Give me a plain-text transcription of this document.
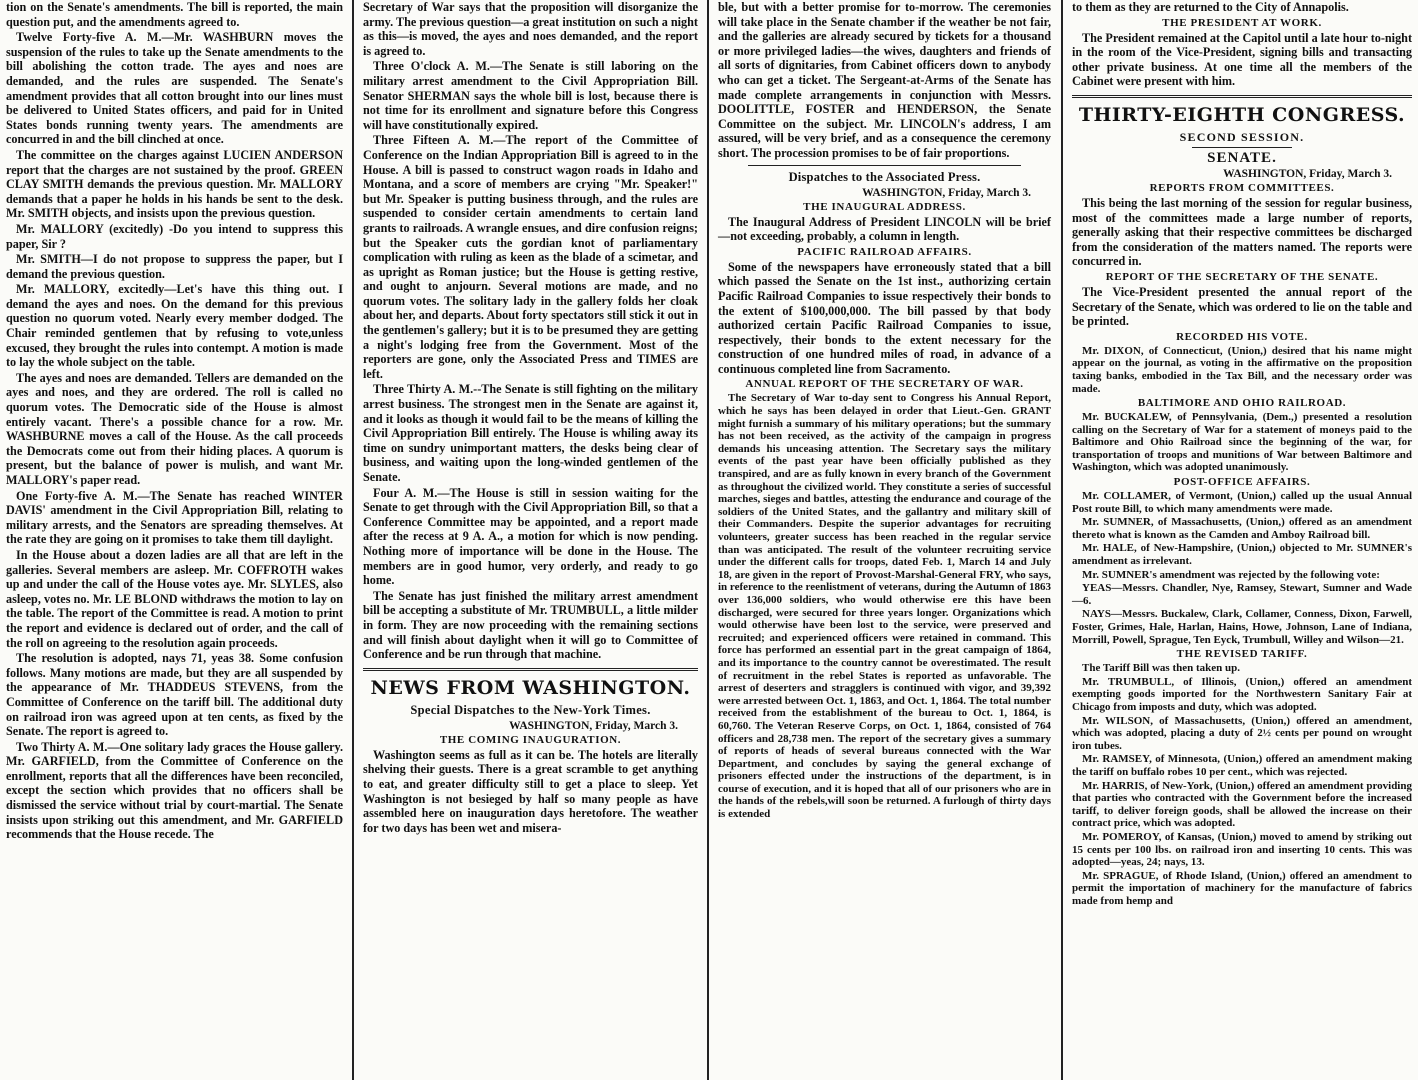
tion on the Senate's amendments. The bill is reported, the main question put, and the amendments agreed to.

Twelve Forty-five A. M.—Mr. WASHBURN moves the suspension of the rules to take up the Senate amendments to the bill abolishing the cotton trade. The ayes and noes are demanded, and the rules are suspended. The Senate's amendment provides that all cotton brought into our lines must be delivered to United States officers, and paid for in United States bonds running twenty years. The amendments are concurred in and the bill clinched at once.

The committee on the charges against LUCIEN ANDERSON report that the charges are not sustained by the proof. GREEN CLAY SMITH demands the previous question. Mr. MALLORY demands that a paper he holds in his hands be sent to the desk. Mr. SMITH objects, and insists upon the previous question.

Mr. MALLORY (excitedly) -Do you intend to suppress this paper, Sir ?

Mr. SMITH—I do not propose to suppress the paper, but I demand the previous question.

Mr. MALLORY, excitedly—Let's have this thing out. I demand the ayes and noes. On the demand for this previous question no quorum voted. Nearly every member dodged. The Chair reminded gentlemen that by refusing to vote,unless excused, they brought the rules into contempt. A motion is made to lay the whole subject on the table.

The ayes and noes are demanded. Tellers are demanded on the ayes and noes, and they are ordered. The roll is called no quorum votes. The Democratic side of the House is almost entirely vacant. There's a possible chance for a row. Mr. WASHBURNE moves a call of the House. As the call proceeds the Democrats come out from their hiding places. A quorum is present, but the balance of power is mulish, and want Mr. MALLORY's paper read.

One Forty-five A. M.—The Senate has reached WINTER DAVIS' amendment in the Civil Appropriation Bill, relating to military arrests, and the Senators are spreading themselves. At the rate they are going on it promises to take them till daylight.

In the House about a dozen ladies are all that are left in the galleries. Several members are asleep. Mr. COFFROTH wakes up and under the call of the House votes aye. Mr. SLYLES, also asleep, votes no. Mr. LE BLOND withdraws the motion to lay on the table. The report of the Committee is read. A motion to print the report and evidence is declared out of order, and the call of the roll on agreeing to the resolution again proceeds.

The resolution is adopted, nays 71, yeas 38. Some confusion follows. Many motions are made, but they are all suspended by the appearance of Mr. THADDEUS STEVENS, from the Committee of Conference on the tariff bill. The additional duty on railroad iron was agreed upon at ten cents, as fixed by the Senate. The report is agreed to.

Two Thirty A. M.—One solitary lady graces the House gallery. Mr. GARFIELD, from the Committee of Conference on the enrollment, reports that all the differences have been reconciled, except the section which provides that no officers shall be dismissed the service without trial by court-martial. The Senate insists upon striking out this amendment, and Mr. GARFIELD recommends that the House recede. The

Secretary of War says that the proposition will disorganize the army. The previous question—a great institution on such a night as this—is moved, the ayes and noes demanded, and the report is agreed to.

Three O'clock A. M.—The Senate is still laboring on the military arrest amendment to the Civil Appropriation Bill. Senator SHERMAN says the whole bill is lost, because there is not time for its enrollment and signature before this Congress will have constitutionally expired.

Three Fifteen A. M.—The report of the Committee of Conference on the Indian Appropriation Bill is agreed to in the House. A bill is passed to construct wagon roads in Idaho and Montana, and a score of members are crying "Mr. Speaker!" but Mr. Speaker is putting business through, and the rules are suspended to consider certain amendments to certain land grants to railroads. A wrangle ensues, and dire confusion reigns; but the Speaker cuts the gordian knot of parliamentary complication with ruling as keen as the blade of a scimetar, and as upright as Roman justice; but the House is getting restive, and ought to anjourn. Several motions are made, and no quorum votes. The solitary lady in the gallery folds her cloak about her, and departs. About forty spectators still stick it out in the gentlemen's gallery; but it is to be presumed they are getting a night's lodging free from the Government. Most of the reporters are gone, only the Associated Press and TIMES are left.

Three Thirty A. M.--The Senate is still fighting on the military arrest business. The strongest men in the Senate are against it, and it looks as though it would fail to be the means of killing the Civil Appropriation Bill entirely. The House is whiling away its time on sundry unimportant matters, the desks being clear of business, and waiting upon the long-winded gentlemen of the Senate.

Four A. M.—The House is still in session waiting for the Senate to get through with the Civil Appropriation Bill, so that a Conference Committee may be appointed, and a report made after the recess at 9 A. A., a motion for which is now pending. Nothing more of importance will be done in the House. The members are in good humor, very orderly, and ready to go home.

The Senate has just finished the military arrest amendment bill be accepting a substitute of Mr. TRUMBULL, a little milder in form. They are now proceeding with the remaining sections and will finish about daylight when it will go to Committee of Conference and be run through that machine.

NEWS FROM WASHINGTON.
Special Dispatches to the New-York Times.
WASHINGTON, Friday, March 3.
THE COMING INAUGURATION.

Washington seems as full as it can be. The hotels are literally shelving their guests. There is a great scramble to get anything to eat, and greater difficulty still to get a place to sleep. Yet Washington is not besieged by half so many people as have assembled here on inauguration days heretofore. The weather for two days has been wet and misera-

ble, but with a better promise for to-morrow. The ceremonies will take place in the Senate chamber if the weather be not fair, and the galleries are already secured by tickets for a thousand or more privileged ladies—the wives, daughters and friends of all sorts of dignitaries, from Cabinet officers down to anybody who can get a ticket. The Sergeant-at-Arms of the Senate has made complete arrangements in conjunction with Messrs. DOOLITTLE, FOSTER and HENDERSON, the Senate Committee on the subject. Mr. LINCOLN's address, I am assured, will be very brief, and as a consequence the ceremony short. The procession promises to be of fair proportions.

Dispatches to the Associated Press.
WASHINGTON, Friday, March 3.
THE INAUGURAL ADDRESS.

The Inaugural Address of President LINCOLN will be brief—not exceeding, probably, a column in length.

PACIFIC RAILROAD AFFAIRS.

Some of the newspapers have erroneously stated that a bill which passed the Senate on the 1st inst., authorizing certain Pacific Railroad Companies to issue respectively their bonds to the extent of $100,000,000. The bill passed by that body authorized certain Pacific Railroad Companies to issue, respectively, their bonds to the extent necessary for the construction of one hundred miles of road, in advance of a continuous completed line from Sacramento.

ANNUAL REPORT OF THE SECRETARY OF WAR.

The Secretary of War to-day sent to Congress his Annual Report, which he says has been delayed in order that Lieut.-Gen. GRANT might furnish a summary of his military operations; but the summary has not been received, as the activity of the campaign in progress demands his unceasing attention. The Secretary says the military events of the past year have been officially published as they transpired, and are as fully known in every branch of the Government as throughout the civilized world. They constitute a series of successful marches, sieges and battles, attesting the endurance and courage of the soldiers of the United States, and the gallantry and military skill of their Commanders. Despite the superior advantages for recruiting volunteers, greater success has been reached in the regular service than was anticipated. The result of the volunteer recruiting service under the different calls for troops, dated Feb. 1, March 14 and July 18, are given in the report of Provost-Marshal-General FRY, who says, in reference to the reenlistment of veterans, during the Autumn of 1863 over 136,000 soldiers, who would otherwise ere this have been discharged, were secured for three years longer. Organizations which would otherwise have been lost to the service, were preserved and recruited; and experienced officers were retained in command. This force has performed an essential part in the great campaign of 1864, and its importance to the country cannot be overestimated. The result of recruitment in the rebel States is reported as unfavorable. The arrest of deserters and stragglers is continued with vigor, and 39,392 were arrested between Oct. 1, 1863, and Oct. 1, 1864. The total number received from the establishment of the bureau to Oct. 1, 1864, is 60,760. The Veteran Reserve Corps, on Oct. 1, 1864, consisted of 764 officers and 28,738 men. The report of the secretary gives a summary of reports of heads of several bureaus connected with the War Department, and concludes by saying the general exchange of prisoners effected under the instructions of the department, is in course of execution, and it is hoped that all of our prisoners who are in the hands of the rebels,will soon be returned. A furlough of thirty days is extended

to them as they are returned to the City of Annapolis.

THE PRESIDENT AT WORK.

The President remained at the Capitol until a late hour to-night in the room of the Vice-President, signing bills and transacting other private business. At one time all the members of the Cabinet were present with him.

THIRTY-EIGHTH CONGRESS.
SECOND SESSION.
SENATE.
WASHINGTON, Friday, March 3.
REPORTS FROM COMMITTEES.

This being the last morning of the session for regular business, most of the committees made a large number of reports, generally asking that their respective committees be discharged from the consideration of the matters named. The reports were concurred in.

REPORT OF THE SECRETARY OF THE SENATE.

The Vice-President presented the annual report of the Secretary of the Senate, which was ordered to lie on the table and be printed.

RECORDED HIS VOTE.

Mr. DIXON, of Connecticut, (Union,) desired that his name might appear on the journal, as voting in the affirmative on the proposition taxing banks, embodied in the Tax Bill, and the necessary order was made.

BALTIMORE AND OHIO RAILROAD.

Mr. BUCKALEW, of Pennsylvania, (Dem.,) presented a resolution calling on the Secretary of War for a statement of moneys paid to the Baltimore and Ohio Railroad since the beginning of the war, for transportation of troops and munitions of War between Baltimore and Washington, which was adopted unanimously.

POST-OFFICE AFFAIRS.

Mr. COLLAMER, of Vermont, (Union,) called up the usual Annual Post route Bill, to which many amendments were made.

Mr. SUMNER, of Massachusetts, (Union,) offered as an amendment thereto what is known as the Camden and Amboy Railroad bill.

Mr. HALE, of New-Hampshire, (Union,) objected to Mr. SUMNER's amendment as irrelevant.

Mr. SUMNER's amendment was rejected by the following vote:

YEAS—Messrs. Chandler, Nye, Ramsey, Stewart, Sumner and Wade—6.

NAYS—Messrs. Buckalew, Clark, Collamer, Conness, Dixon, Farwell, Foster, Grimes, Hale, Harlan, Hains, Howe, Johnson, Lane of Indiana, Morrill, Powell, Sprague, Ten Eyck, Trumbull, Willey and Wilson—21.

THE REVISED TARIFF.

The Tariff Bill was then taken up.

Mr. TRUMBULL, of Illinois, (Union,) offered an amendment exempting goods imported for the Northwestern Sanitary Fair at Chicago from imposts and duty, which was adopted.

Mr. WILSON, of Massachusetts, (Union,) offered an amendment, which was adopted, placing a duty of 2½ cents per pound on wrought iron tubes.

Mr. RAMSEY, of Minnesota, (Union,) offered an amendment making the tariff on buffalo robes 10 per cent., which was rejected.

Mr. HARRIS, of New-York, (Union,) offered an amendment providing that parties who contracted with the Government before the increased tariff, to deliver foreign goods, shall be allowed the increase on their contract price, which was adopted.

Mr. POMEROY, of Kansas, (Union,) moved to amend by striking out 15 cents per 100 lbs. on railroad iron and inserting 10 cents. This was adopted—yeas, 24; nays, 13.

Mr. SPRAGUE, of Rhode Island, (Union,) offered an amendment to permit the importation of machinery for the manufacture of fabrics made from hemp and
